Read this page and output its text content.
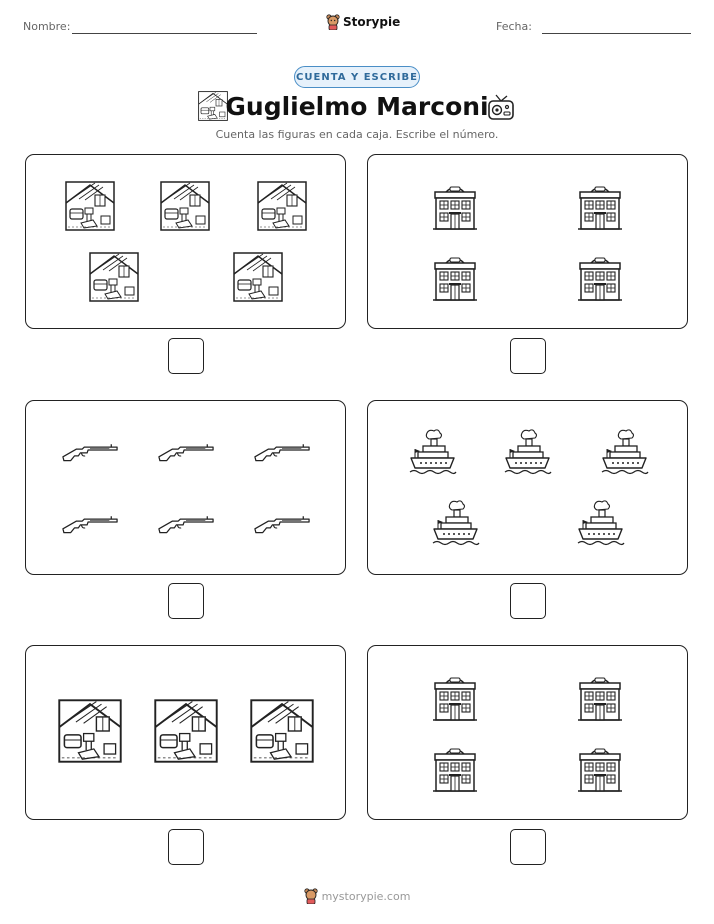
Nombre:	Storypie	Fecha:
CUENTA Y ESCRIBE
Guglielmo Marconi
Cuenta las figuras en cada caja. Escribe el número.
mystorypie.com
